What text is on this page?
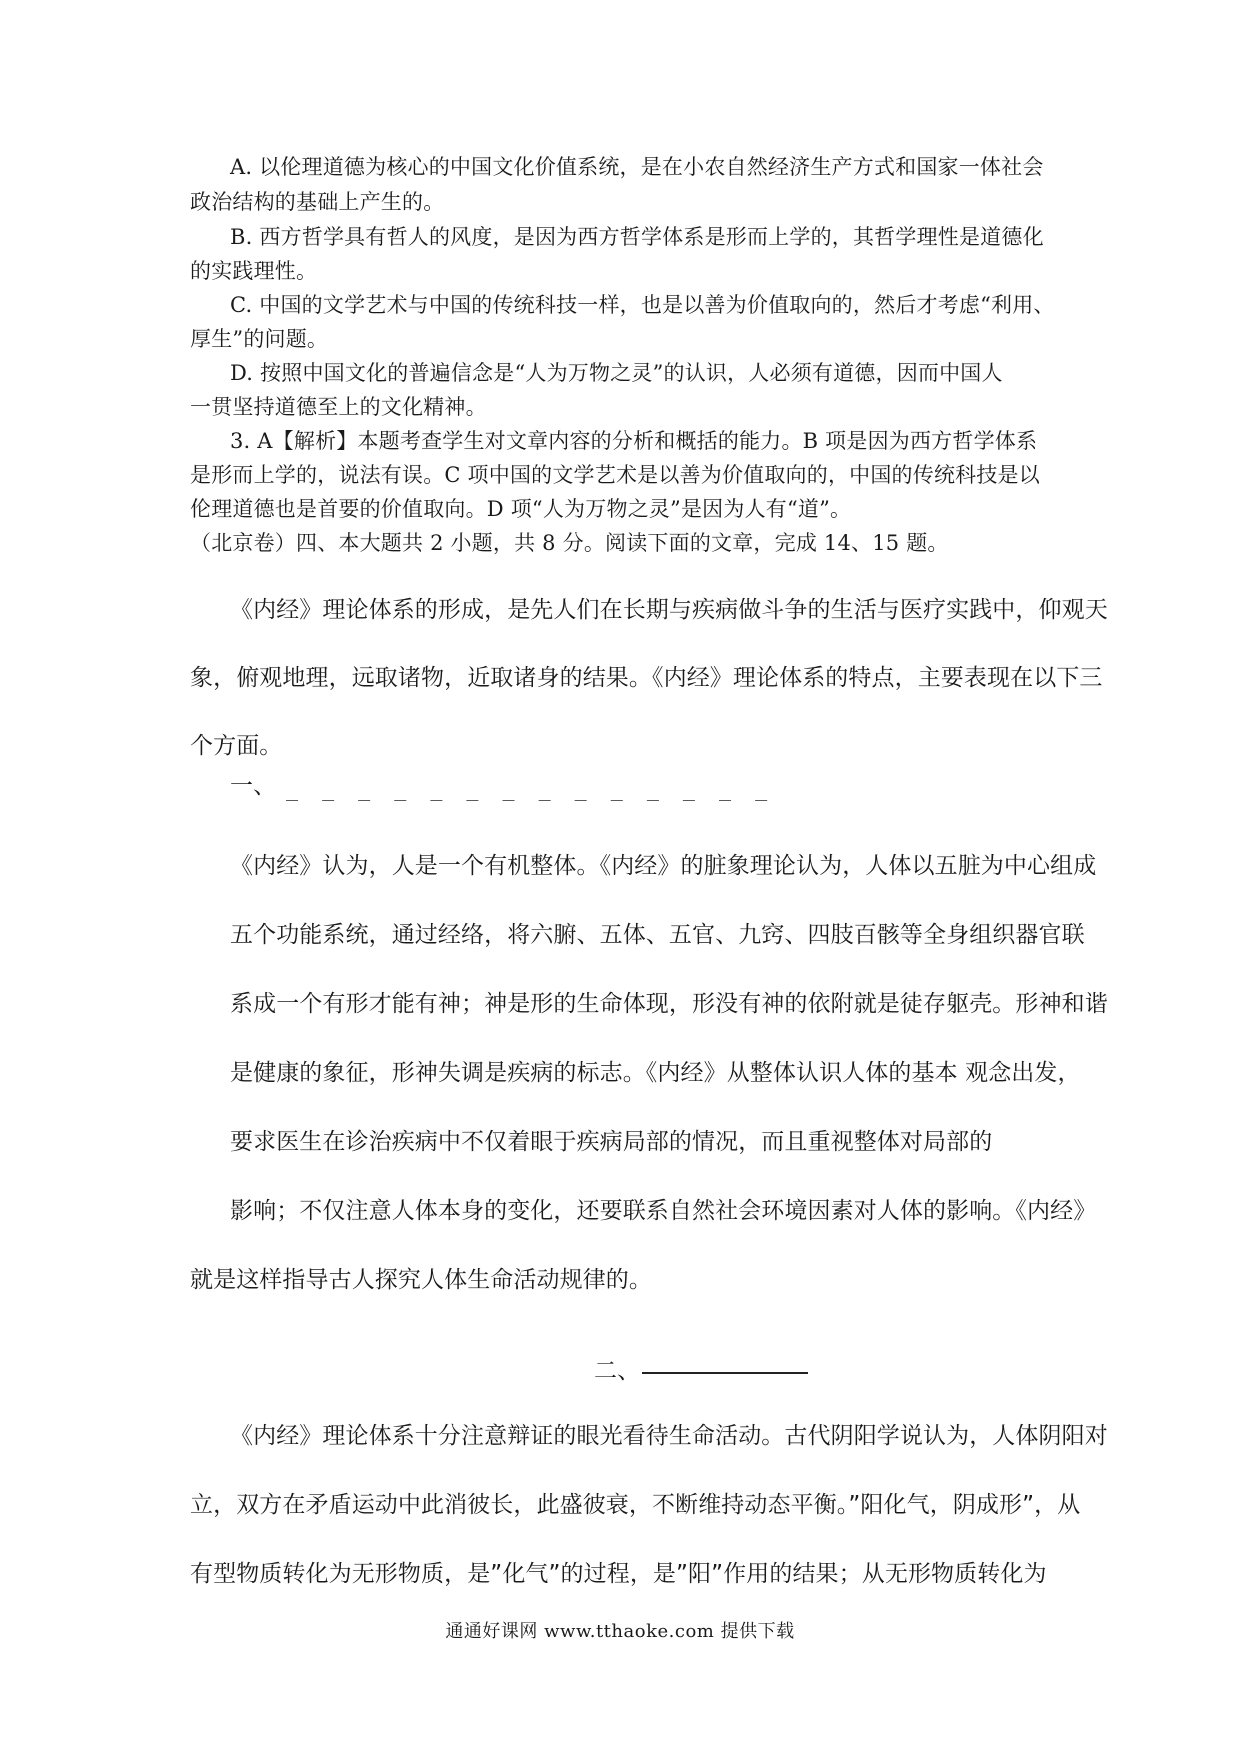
A. 以伦理道德为核心的中国文化价值系统，是在小农自然经济生产方式和国家一体社会
政治结构的基础上产生的。
B. 西方哲学具有哲人的风度，是因为西方哲学体系是形而上学的，其哲学理性是道德化
的实践理性。
C. 中国的文学艺术与中国的传统科技一样，也是以善为价值取向的，然后才考虑“利用、
厚生”的问题。
D. 按照中国文化的普遍信念是“人为万物之灵”的认识，人必须有道德，因而中国人
一贯坚持道德至上的文化精神。
3. A【解析】本题考查学生对文章内容的分析和概括的能力。B 项是因为西方哲学体系
是形而上学的，说法有误。C 项中国的文学艺术是以善为价值取向的，中国的传统科技是以
伦理道德也是首要的价值取向。D 项“人为万物之灵”是因为人有“道”。
（北京卷）四、本大题共 2 小题，共 8 分。阅读下面的文章，完成 14、15 题。
《内经》理论体系的形成，是先人们在长期与疾病做斗争的生活与医疗实践中，仰观天
象，俯观地理，远取诸物，近取诸身的结果。《内经》理论体系的特点，主要表现在以下三
个方面。
一、 _ _ _ _ _ _ _ _ _ _ _ _ _ _
《内经》认为，人是一个有机整体。《内经》的脏象理论认为，人体以五脏为中心组成
五个功能系统，通过经络，将六腑、五体、五官、九窍、四肢百骸等全身组织器官联
系成一个有形才能有神；神是形的生命体现，形没有神的依附就是徒存躯壳。形神和谐
是健康的象征，形神失调是疾病的标志。《内经》从整体认识人体的基本 观念出发，
要求医生在诊治疾病中不仅着眼于疾病局部的情况，而且重视整体对局部的
影响；不仅注意人体本身的变化，还要联系自然社会环境因素对人体的影响。《内经》
就是这样指导古人探究人体生命活动规律的。
二、
《内经》理论体系十分注意辩证的眼光看待生命活动。古代阴阳学说认为，人体阴阳对
立，双方在矛盾运动中此消彼长，此盛彼衰，不断维持动态平衡。”阳化气，阴成形”，从
有型物质转化为无形物质，是”化气”的过程，是”阳”作用的结果；从无形物质转化为
通通好课网 www.tthaoke.com 提供下载
